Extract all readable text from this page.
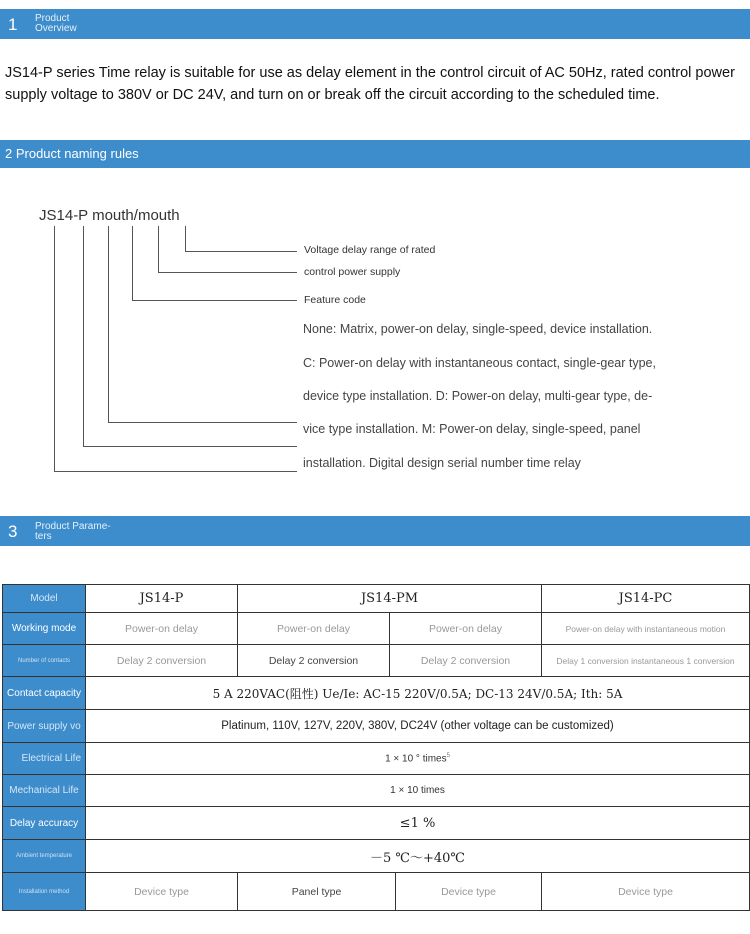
1 Product
Overview
JS14-P series Time relay is suitable for use as delay element in the control circuit of AC 50Hz, rated control power supply voltage to 380V or DC 24V, and turn on or break off the circuit according to the scheduled time.
2 Product naming rules
JS14-P mouth/mouth
Voltage delay range of rated
control power supply
Feature code
None: Matrix, power-on delay, single-speed, device installation.
C: Power-on delay with instantaneous contact, single-gear type,
device type installation. D: Power-on delay, multi-gear type, de-
vice type installation. M: Power-on delay, single-speed, panel
installation. Digital design serial number time relay
3 Product Parame-
ters
Model	JS14-P	JS14-PM			JS14-PC
Working mode	Power-on delay	Power-on delay	Power-on delay		Power-on delay with instantaneous motion
Number of contacts	Delay 2 conversion	Delay 2 conversion	Delay 2 conversion		Delay 1 conversion instantaneous 1 conversion
Contact capacity	5 A 220VAC(阻性) Ue/Ie: AC-15 220V/0.5A; DC-13 24V/0.5A; Ith: 5A				
Power supply vo	Platinum, 110V, 127V, 220V, 380V, DC24V (other voltage can be customized)				
Electrical Life	1 × 10 ° times$^5$
Mechanical Life	1 × 10 times				
Delay accuracy	≤1 %				
Ambient temperature	－5 ℃～+40℃				
Installation method	Device type	Panel type		Device type	Device type
